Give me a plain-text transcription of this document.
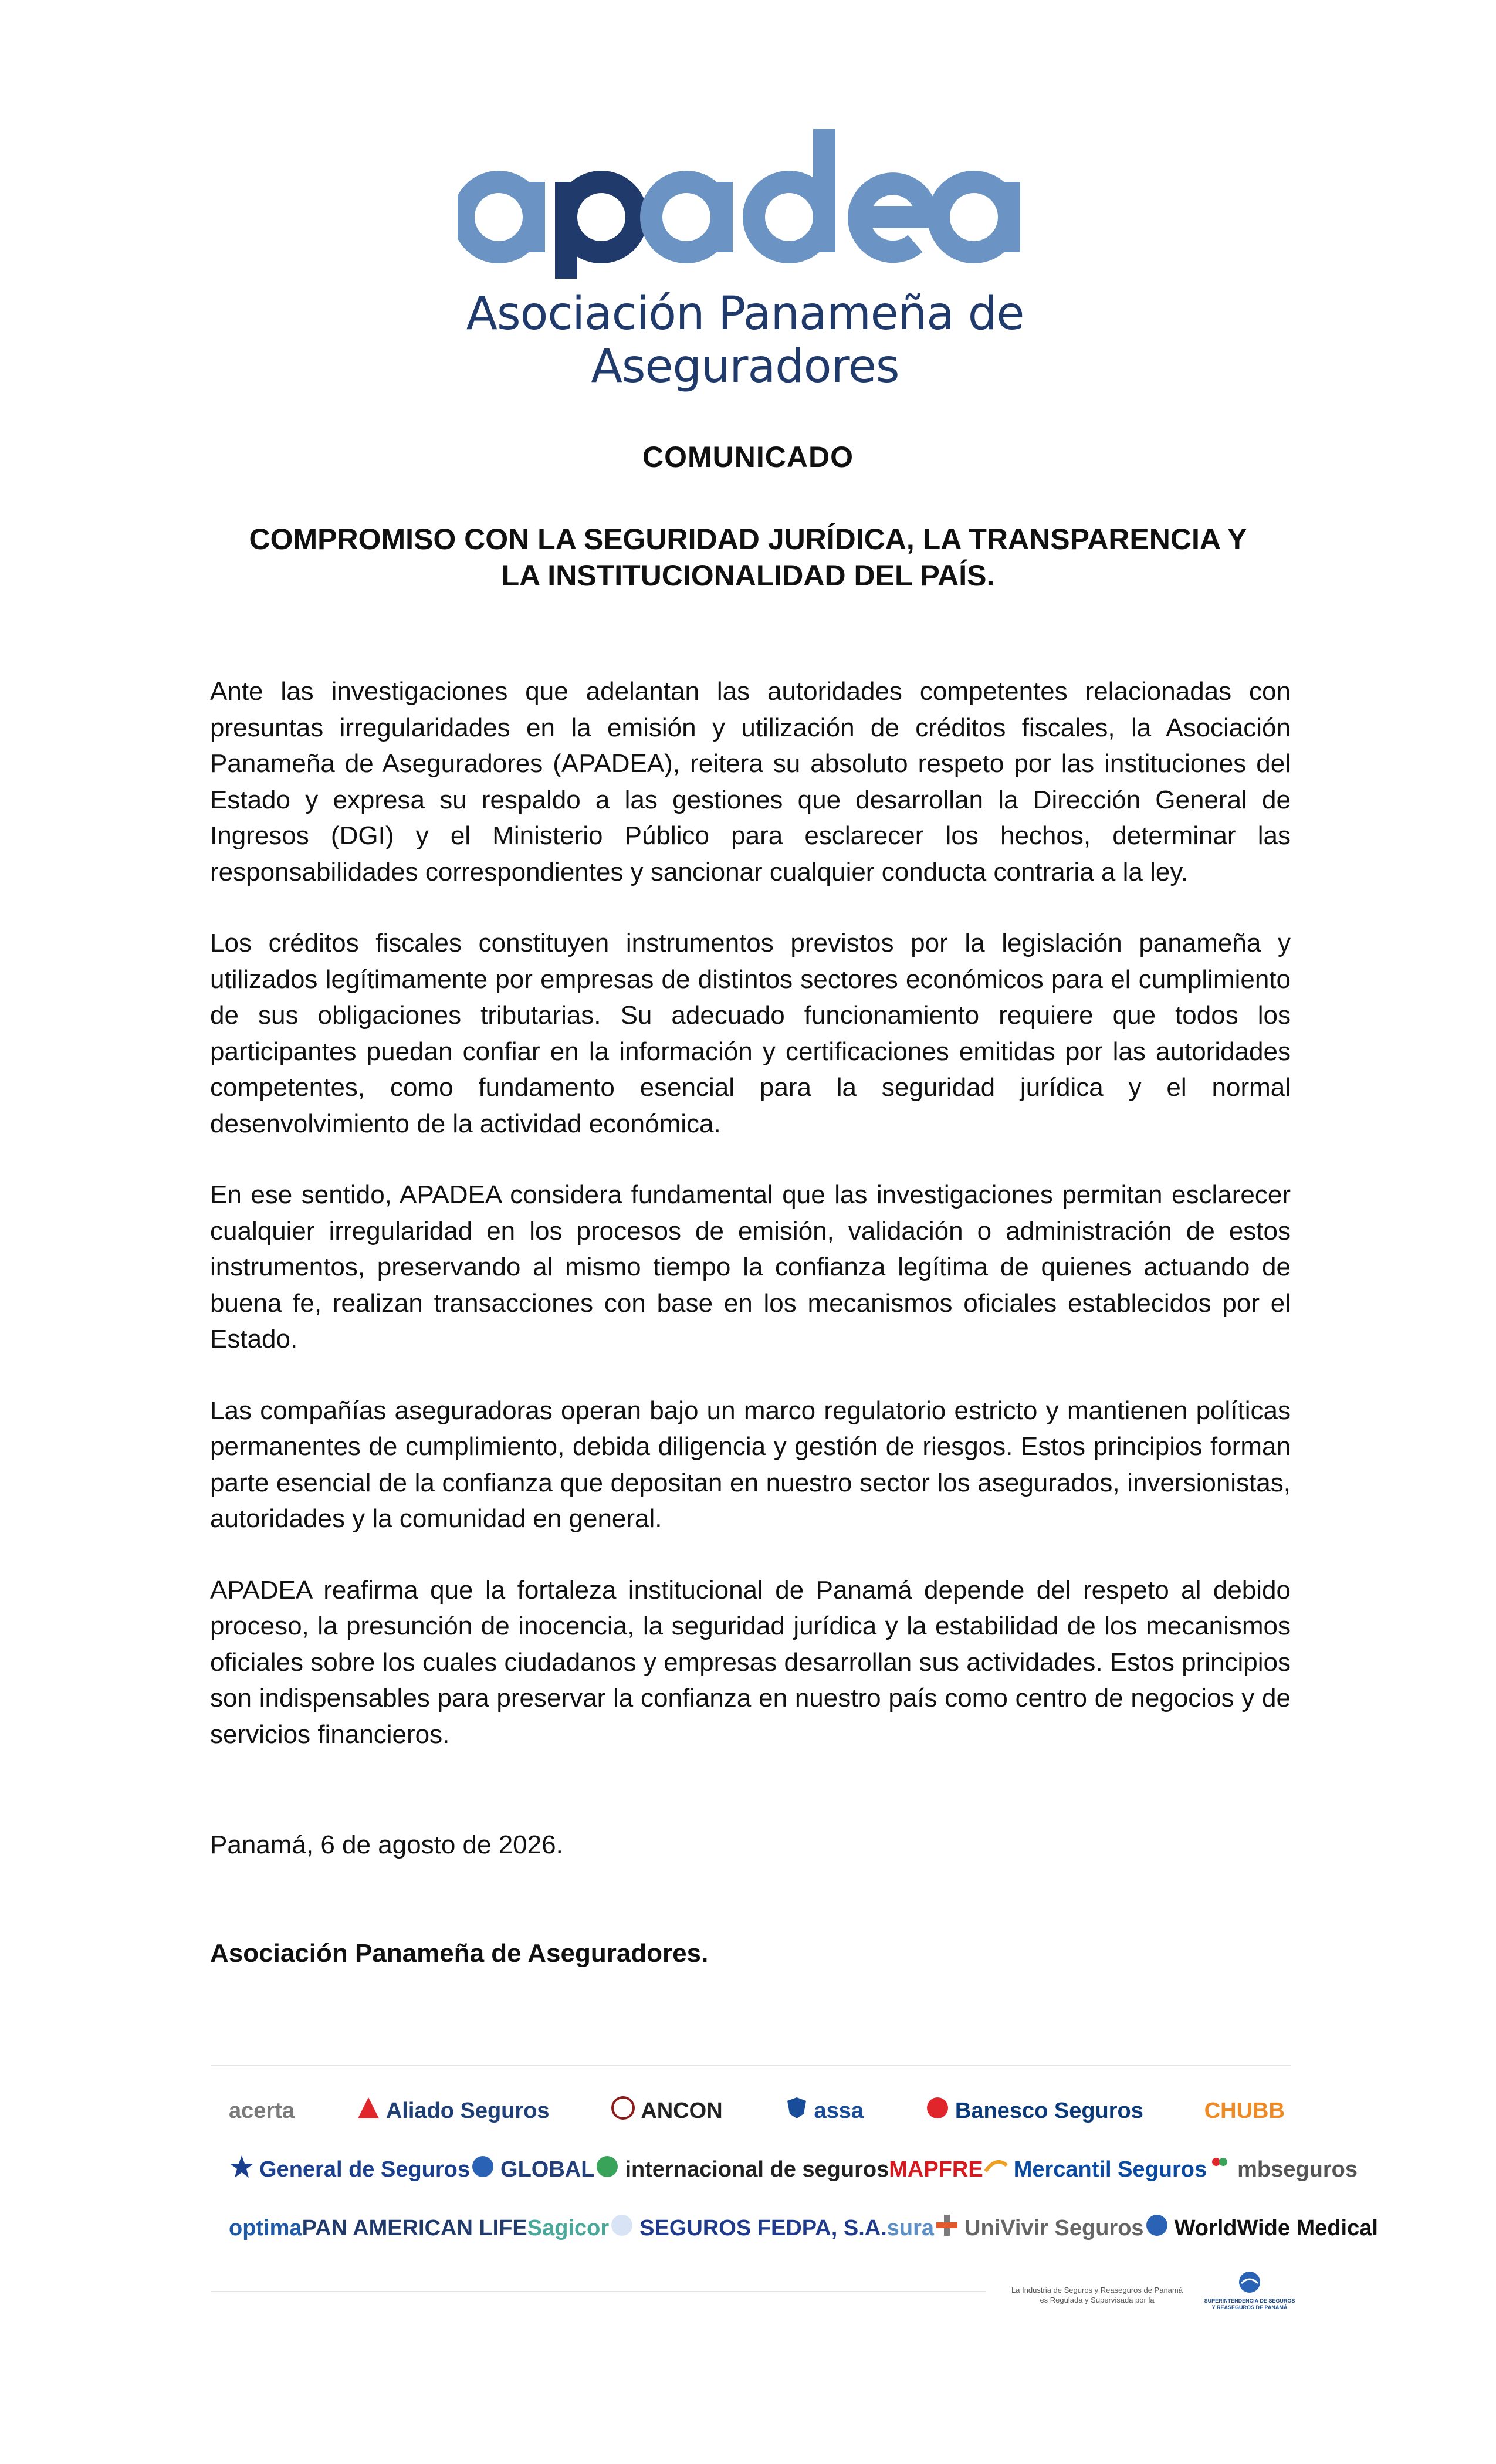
Asociación Panameña de Aseguradores
COMUNICADO
COMPROMISO CON LA SEGURIDAD JURÍDICA, LA TRANSPARENCIA Y
LA INSTITUCIONALIDAD DEL PAÍS.

Ante las investigaciones que adelantan las autoridades competentes relacionadas con presuntas irregularidades en la emisión y utilización de créditos fiscales, la Asociación Panameña de Aseguradores (APADEA), reitera su absoluto respeto por las instituciones del Estado y expresa su respaldo a las gestiones que desarrollan la Dirección General de Ingresos (DGI) y el Ministerio Público para esclarecer los hechos, determinar las responsabilidades correspondientes y sancionar cualquier conducta contraria a la ley.

Los créditos fiscales constituyen instrumentos previstos por la legislación panameña y utilizados legítimamente por empresas de distintos sectores económicos para el cumplimiento de sus obligaciones tributarias. Su adecuado funcionamiento requiere que todos los participantes puedan confiar en la información y certificaciones emitidas por las autoridades competentes, como fundamento esencial para la seguridad jurídica y el normal desenvolvimiento de la actividad económica.

En ese sentido, APADEA considera fundamental que las investigaciones permitan esclarecer cualquier irregularidad en los procesos de emisión, validación o administración de estos instrumentos, preservando al mismo tiempo la confianza legítima de quienes actuando de buena fe, realizan transacciones con base en los mecanismos oficiales establecidos por el Estado.

Las compañías aseguradoras operan bajo un marco regulatorio estricto y mantienen políticas permanentes de cumplimiento, debida diligencia y gestión de riesgos. Estos principios forman parte esencial de la confianza que depositan en nuestro sector los asegurados, inversionistas, autoridades y la comunidad en general.

APADEA reafirma que la fortaleza institucional de Panamá depende del respeto al debido proceso, la presunción de inocencia, la seguridad jurídica y la estabilidad de los mecanismos oficiales sobre los cuales ciudadanos y empresas desarrollan sus actividades. Estos principios son indispensables para preservar la confianza en nuestro país como centro de negocios y de servicios financieros.

Panamá, 6 de agosto de 2026.
Asociación Panameña de Aseguradores.
acerta	Aliado Seguros	ANCON	assa	Banesco Seguros	CHUBB
General de Seguros GLOBAL internacional de seguros MAPFRE Mercantil Seguros mbseguros
optima PAN AMERICAN LIFE Sagicor SEGUROS FEDPA, S.A. sura UniVivir Seguros WorldWide Medical
La Industria de Seguros y Reaseguros de Panamá
es Regulada y Supervisada por la	SUPERINTENDENCIA DE SEGUROS Y REASEGUROS DE PANAMÁ
